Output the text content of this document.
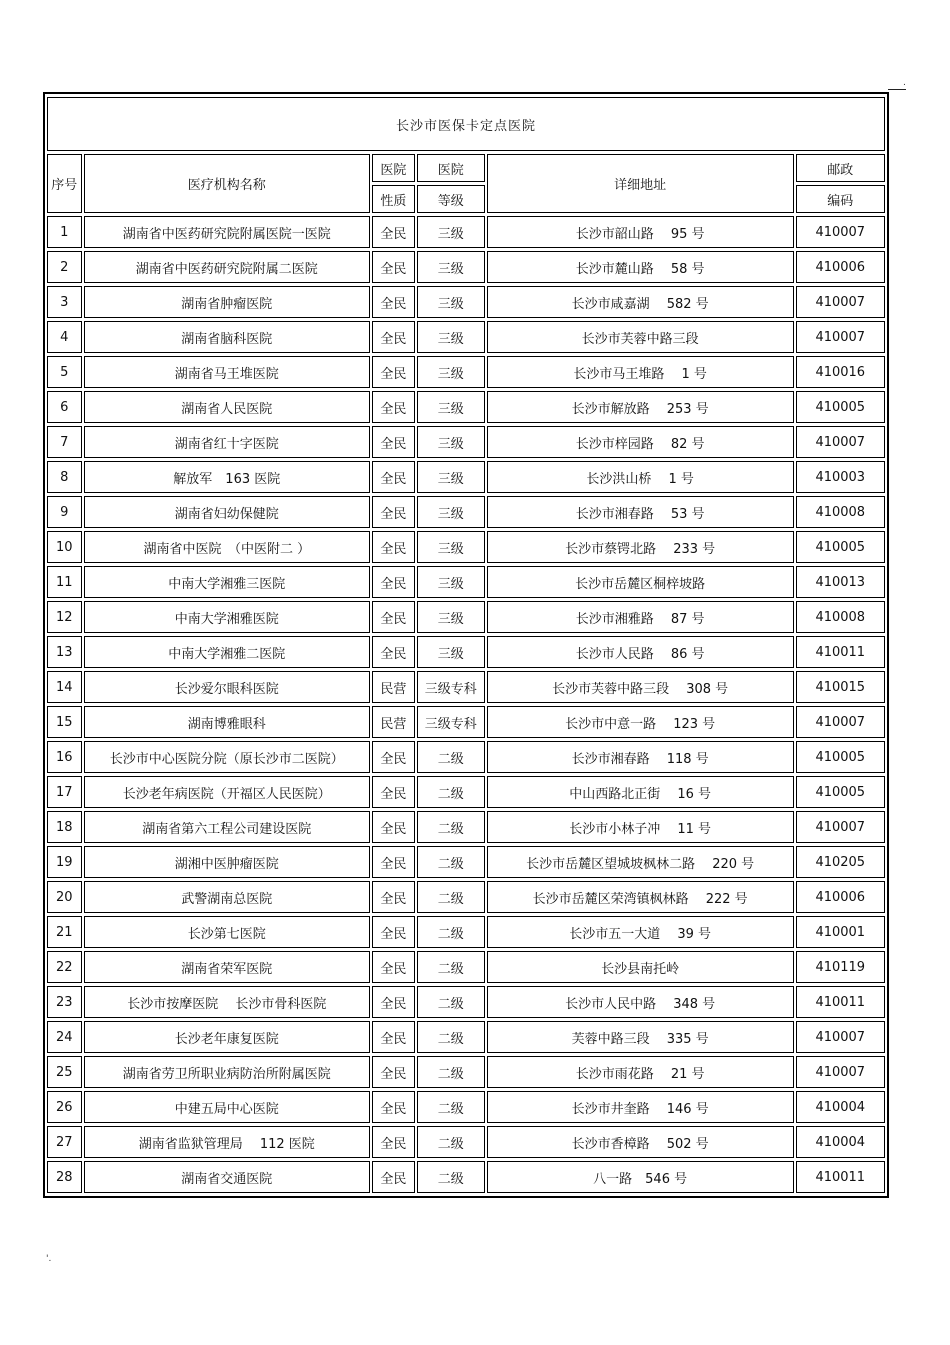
.
长沙市医保卡定点医院					
序号	医疗机构名称	医院	医院	详细地址	邮政
		性质	等级		编码
1	湖南省中医药研究院附属医院一医院	全民	三级	长沙市韶山路　 95 号	410007
2	湖南省中医药研究院附属二医院	全民	三级	长沙市麓山路　 58 号	410006
3	湖南省肿瘤医院	全民	三级	长沙市咸嘉湖　 582 号	410007
4	湖南省脑科医院	全民	三级	长沙市芙蓉中路三段	410007
5	湖南省马王堆医院	全民	三级	长沙市马王堆路　 1 号	410016
6	湖南省人民医院	全民	三级	长沙市解放路　 253 号	410005
7	湖南省红十字医院	全民	三级	长沙市梓园路　 82 号	410007
8	解放军　163 医院	全民	三级	长沙洪山桥　 1 号	410003
9	湖南省妇幼保健院	全民	三级	长沙市湘春路　 53 号	410008
10	湖南省中医院　（中医附二 ）	全民	三级	长沙市蔡锷北路　 233 号	410005
11	中南大学湘雅三医院	全民	三级	长沙市岳麓区桐梓坡路	410013
12	中南大学湘雅医院	全民	三级	长沙市湘雅路　 87 号	410008
13	中南大学湘雅二医院	全民	三级	长沙市人民路　 86 号	410011
14	长沙爱尔眼科医院	民营	三级专科	长沙市芙蓉中路三段　 308 号	410015
15	湖南博雅眼科	民营	三级专科	长沙市中意一路　 123 号	410007
16	长沙市中心医院分院（原长沙市二医院）	全民	二级	长沙市湘春路　 118 号	410005
17	长沙老年病医院（开福区人民医院）	全民	二级	中山西路北正街　 16 号	410005
18	湖南省第六工程公司建设医院	全民	二级	长沙市小林子冲　 11 号	410007
19	湖湘中医肿瘤医院	全民	二级	长沙市岳麓区望城坡枫林二路　 220 号	410205
20	武警湖南总医院	全民	二级	长沙市岳麓区荣湾镇枫林路　 222 号	410006
21	长沙第七医院	全民	二级	长沙市五一大道　 39 号	410001
22	湖南省荣军医院	全民	二级	长沙县南托岭	410119
23	长沙市按摩医院　 长沙市骨科医院	全民	二级	长沙市人民中路　 348 号	410011
24	长沙老年康复医院	全民	二级	芙蓉中路三段　 335 号	410007
25	湖南省劳卫所职业病防治所附属医院	全民	二级	长沙市雨花路　 21 号	410007
26	中建五局中心医院	全民	二级	长沙市井奎路　 146 号	410004
27	湖南省监狱管理局　 112 医院	全民	二级	长沙市香樟路　 502 号	410004
28	湖南省交通医院	全民	二级	八一路　546 号	410011
'.
